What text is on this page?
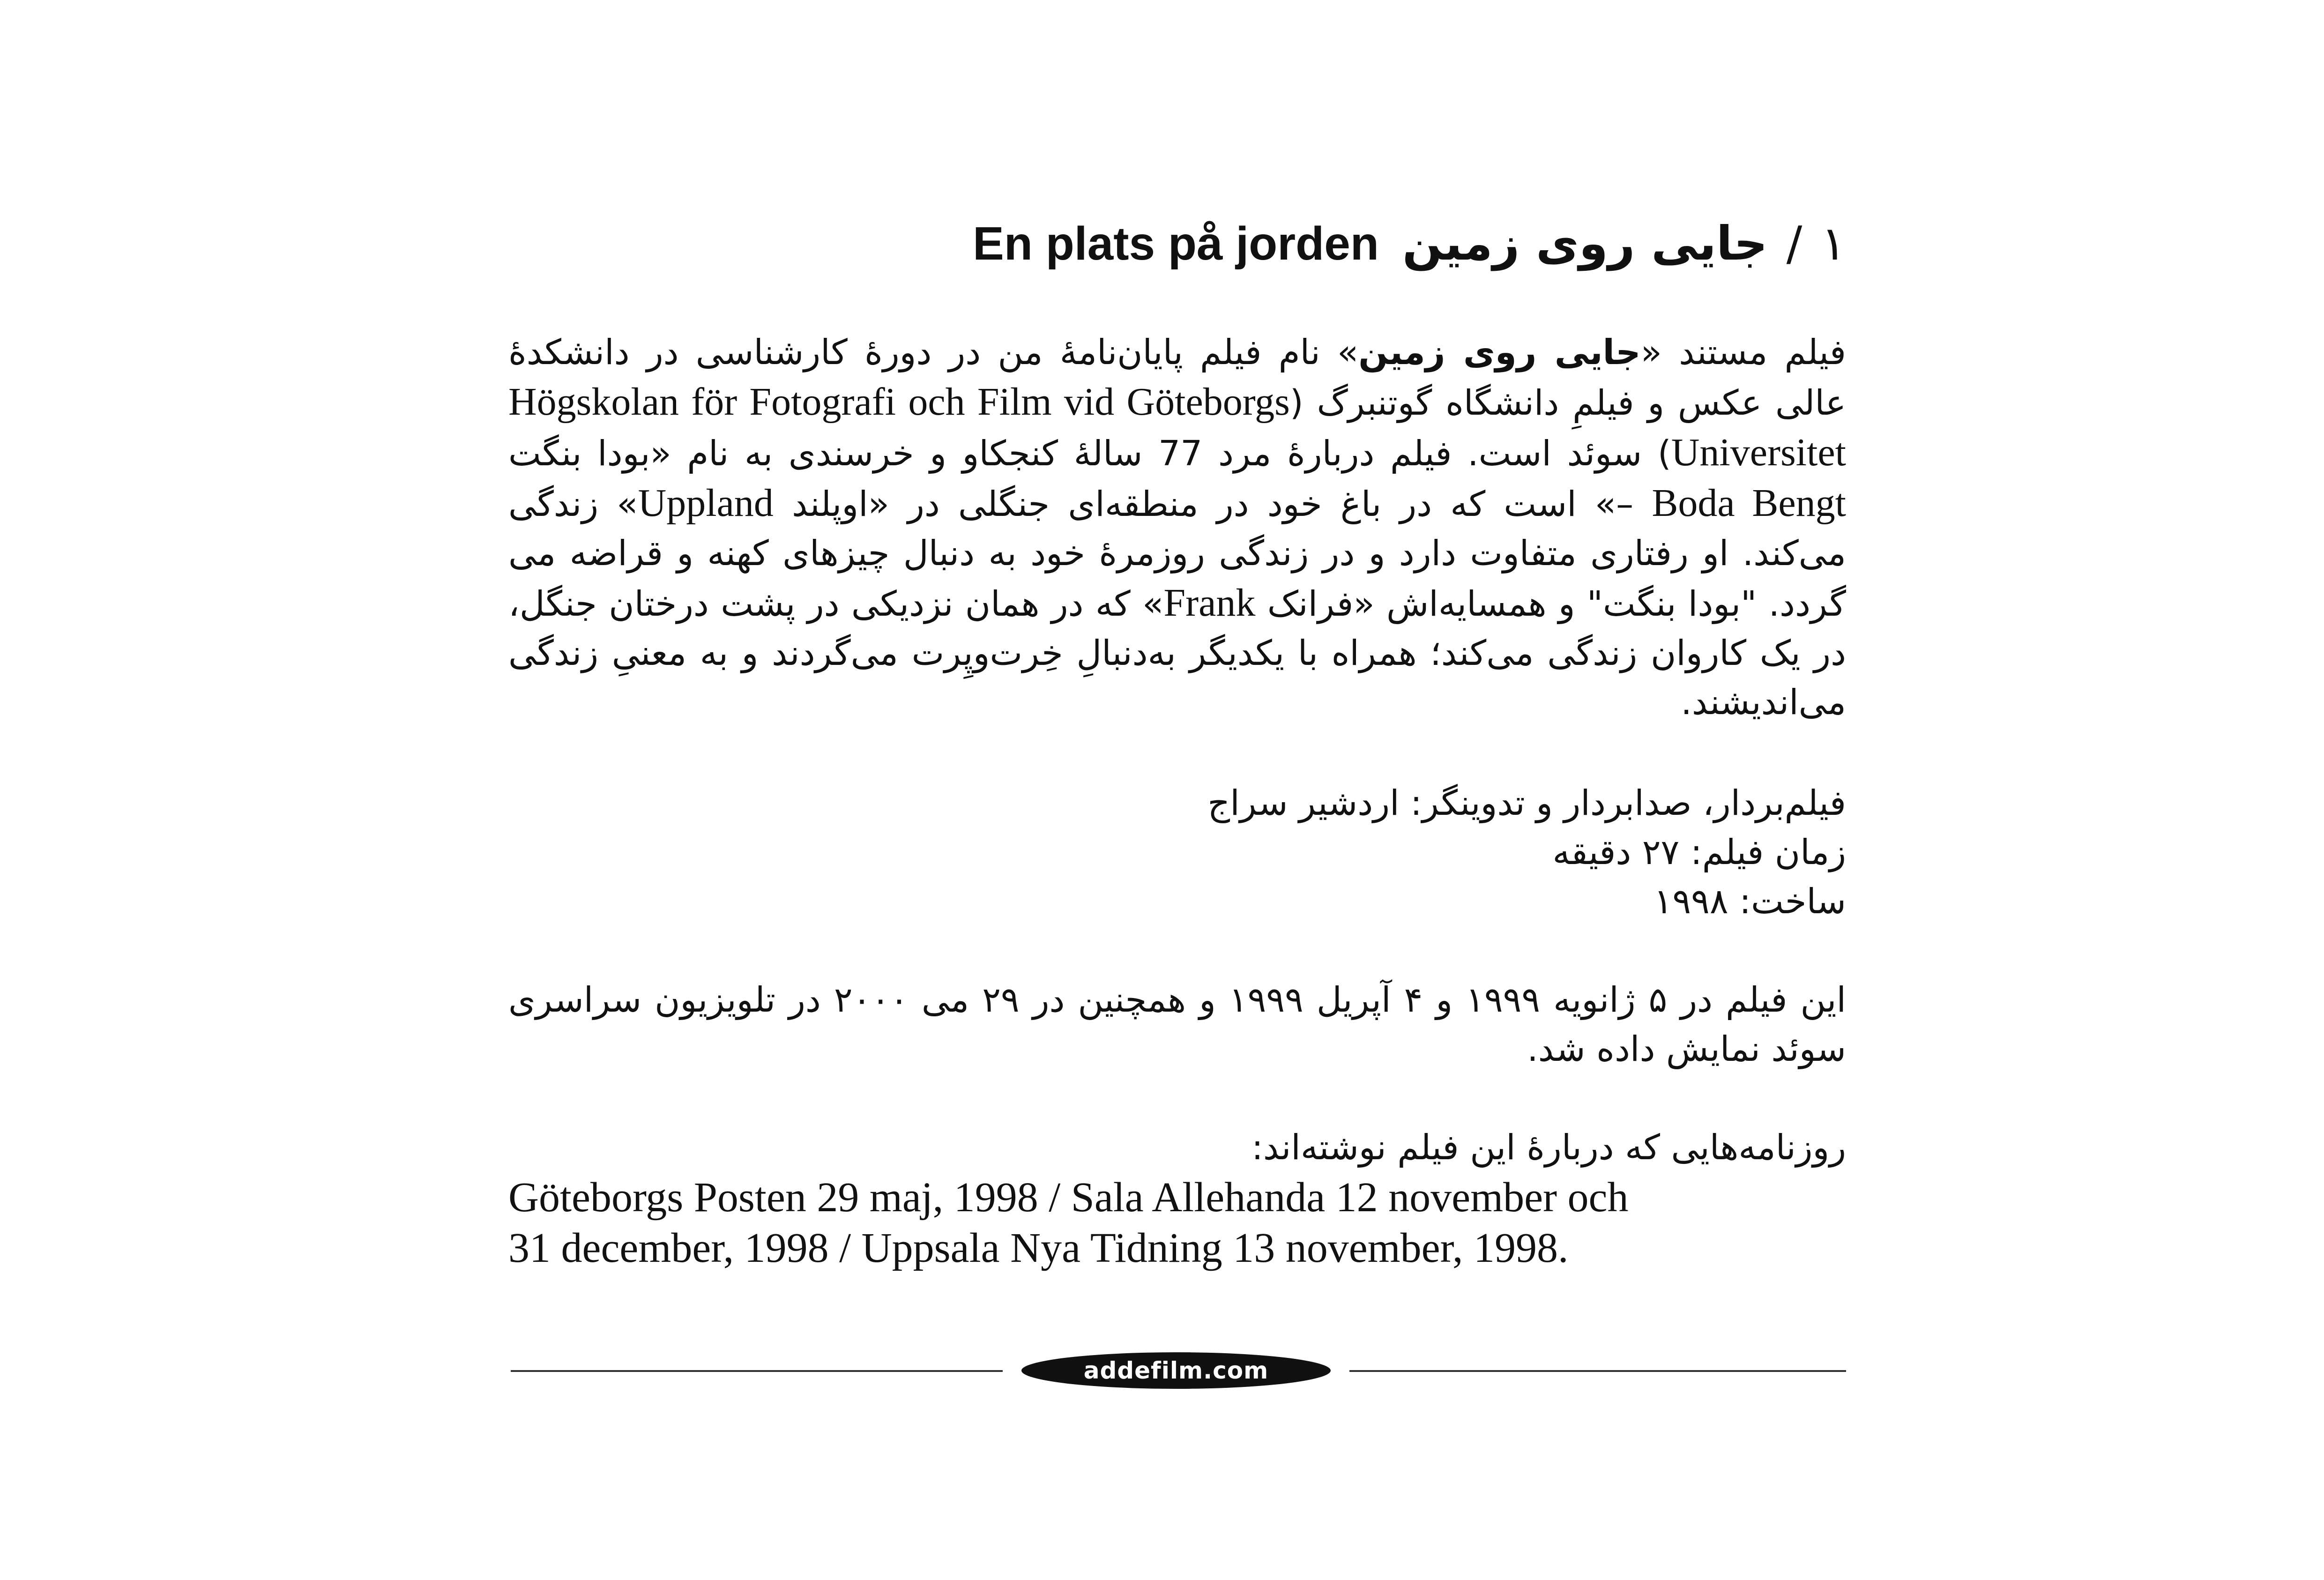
۱/جایی روی زمینEn plats på jorden

فیلم مستند «جایی روی زمین» نام فیلم پایان‌نامهٔ من در دورهٔ کارشناسی در دانشکدهٔ عالی عکس و فیلمِ دانشگاه گوتنبرگ (Högskolan för Fotografi och Film vid Göteborgs Universitet) سوئد است. فیلم دربارهٔ مرد 77 سالهٔ کنجکاو و خرسندی به نام «بودا بنگت Boda Bengt –» است که در باغ خود در منطقه‌ای جنگلی در «اوپلند Uppland» زندگی می‌کند. او رفتاری متفاوت دارد و در زندگی روزمرهٔ خود به دنبال چیزهای کهنه و قراضه می گردد. "بودا بنگت" و همسایه‌اش «فرانک Frank» که در همان نزدیکی در پشت درختان جنگل، در یک کاروان زندگی می‌کند؛ همراه با یکدیگر به‌دنبالِ خِرت‌وپِرت می‌گردند و به معنیِ زندگی می‌اندیشند.

فیلم‌بردار، صدابردار و تدوینگر: اردشیر سراج
زمان فیلم: ۲۷ دقیقه
ساخت: ۱۹۹۸

این فیلم در ۵ ژانویه ۱۹۹۹ و ۴ آپریل ۱۹۹۹ و همچنین در ۲۹ می ۲۰۰۰ در تلویزیون سراسری سوئد نمایش داده شد.

روزنامه‌هایی که دربارهٔ این فیلم نوشته‌اند:
Göteborgs Posten 29 maj, 1998 / Sala Allehanda 12 november och
31 december, 1998 / Uppsala Nya Tidning 13 november, 1998.
addefilm.com
